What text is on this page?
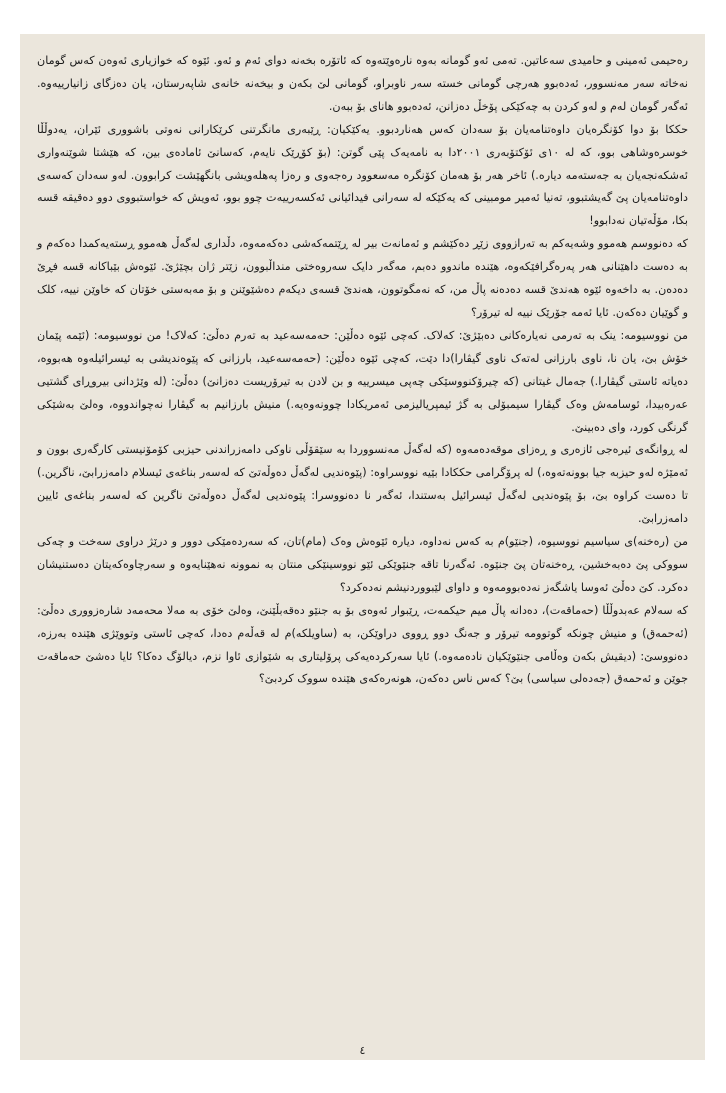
رەحیمی ئەمینی و حامیدی سەعاتین. تەمی ئەو گومانە بەوە نارەوێتەوە کە ئاتۆرە بخەنە دوای ئەم و ئەو. ئێوە کە خوازیاری ئەوەن کەس گومان نەخاتە سەر مەنسوور، ئەدەبوو هەرچی گومانی خستە سەر ناوبراو، گومانی لێ بکەن و بیخەنە خانەی شاپەرستان، یان دەزگای زانیارییەوە. ئەگەر گومان لەم و لەو کردن بە چەکێکی پۆخڵ دەزانن، ئەدەبوو هانای بۆ ببەن.

حککا بۆ دوا کۆنگرەیان داوەتنامەیان بۆ سەدان کەس هەناردبوو. یەکێکیان: ڕێبەری مانگرتنی کرێکارانی نەوتی باشووری ئێران، یەدوڵڵا خوسرەوشاهی بوو، کە لە ١٠ی ئۆکتۆبەری ٢٠٠١دا بە نامەیەک پێی گوتن: (بۆ کۆڕێک نایەم، کەسانێ ئامادەی بین، کە هێشتا شوێنەواری ئەشکەنجەیان بە جەستەمە دیارە.) ئاخر هەر بۆ هەمان کۆنگرە مەسعوود رەجەوی و رەزا پەهلەویشی بانگهێشت کرابوون. لەو سەدان کەسەی داوەتنامەیان پێ گەیشتبوو، تەنیا ئەمیر مومبینی کە یەکێکە لە سەرانی فیدائیانی ئەکسەرییەت چوو بوو، ئەویش کە خواستبووی دوو دەقیقە قسە بکا، مۆڵەتیان نەدابوو!

کە دەنووسم هەموو وشەیەکم بە تەرازووی زێڕ دەکێشم و ئەمانەت بیر لە ڕێتمەکەشی دەکەمەوە، دڵداری لەگەڵ هەموو ڕستەیەکمدا دەکەم و بە دەست داهێنانی هەر پەرەگرافێکەوە، هێندە ماندوو دەبم، مەگەر دایک سەروەختی منداڵبوون، زێتر ژان بچێژێ. ئێوەش بێباکانە قسە فڕێ دەدەن. بە داخەوە ئێوە هەندێ قسە دەدەنە پاڵ من، کە نەمگوتوون، هەندێ قسەی دیکەم دەشێوێنن و بۆ مەبەستی خۆتان کە خاوێن نییە، کلک و گوێیان دەکەن. ئایا ئەمە جۆرێک نییە لە تیرۆر؟

من نووسیومە: ینک بە تەرمی نەیارەکانی دەبێژێ: کەلاک. کەچی ئێوە دەڵێن: حەمەسەعید بە تەرم دەڵێ: کەلاک! من نووسیومە: (ئێمە پێمان خۆش بێ، یان نا، ناوی بارزانی لەتەک ناوی گیڤارا)دا دێت، کەچی ئێوە دەڵێن: (حەمەسەعید، بارزانی کە پێوەندیشی بە ئیسرائیلەوە هەبووە، دەیاتە ئاستی گیڤارا.) جەمال غیتانی (کە چیرۆکنووسێکی چەپی میسرییە و بن لادن بە تیرۆریست دەزانێ) دەڵێ: (لە وێژدانی بیروڕای گشتیی عەرەبیدا، ئوسامەش وەک گیڤارا سیمبۆلی بە گژ ئیمپریالیزمی ئەمریکادا چوونەوەیە.) منیش بارزانیم بە گیڤارا نەچواندووە، وەلێ بەشێکی گرنگی کورد، وای دەبینێ.

لە ڕوانگەی ئیرەجی ئازەری و ڕەزای موقەدەمەوە (کە لەگەڵ مەنسووردا بە سێقۆڵی ناوکی دامەزراندنی حیزبی کۆمۆنیستی کارگەری بوون و ئەمێژە لەو حیزبە جیا بوونەتەوە،) لە پرۆگرامی حککادا بێیە نووسراوە: (پێوەندیی لەگەڵ دەوڵەتێ کە لەسەر بناغەی ئیسلام دامەزرابێ، ناگرین.) تا دەست کراوە بێ، بۆ پێوەندیی لەگەڵ ئیسرائیل بەستندا، ئەگەر نا دەنووسرا: پێوەندیی لەگەڵ دەوڵەتێ ناگرین کە لەسەر بناغەی ئایین دامەزرابێ.

من (رەخنە)ی سیاسیم نووسیوە، (جنێو)م بە کەس نەداوە، دیارە ئێوەش وەک (مام)تان، کە سەردەمێکی دوور و درێژ دراوی سەخت و چەکی سووکی پێ دەبەخشین، ڕەخنەتان پێ جنێوە. ئەگەرنا تاقە جنێوێکی ئێو نووسینێکی منتان بە نموونە نەهێنایەوە و سەرچاوەکەیتان دەستنیشان دەکرد. کێ دەڵێ ئەوسا یاشگەز نەدەبوومەوە و داوای لێبووردنیشم نەدەکرد؟

کە سەلام عەبدوڵڵا (حەماقەت)، دەدانە پاڵ میم حیکمەت، ڕێبوار ئەوەی بۆ بە جنێو دەقەبڵێنێ، وەلێ خۆی بە مەلا محەمەد شارەزووری دەڵێ: (ئەحمەق) و منیش چونکە گوتوومە تیرۆر و جەنگ دوو ڕووی دراوێکن، بە (ساویلکە)م لە قەڵەم دەدا، کەچی ئاستی وتووێژی هێندە بەرزە، دەنووسێ: (دیقیش بکەن وەڵامی جنێوێکیان نادەمەوە.) ئایا سەرکردەیەکی پرۆلیتاری بە شێوازی ئاوا نزم، دیالۆگ دەکا؟ ئایا دەشێ حەماقەت جوێن و ئەحمەق (جەدەلی سیاسی) بێ؟ کەس ناس دەکەن، هونەرەکەی هێندە سووک کردبێ؟

٤
